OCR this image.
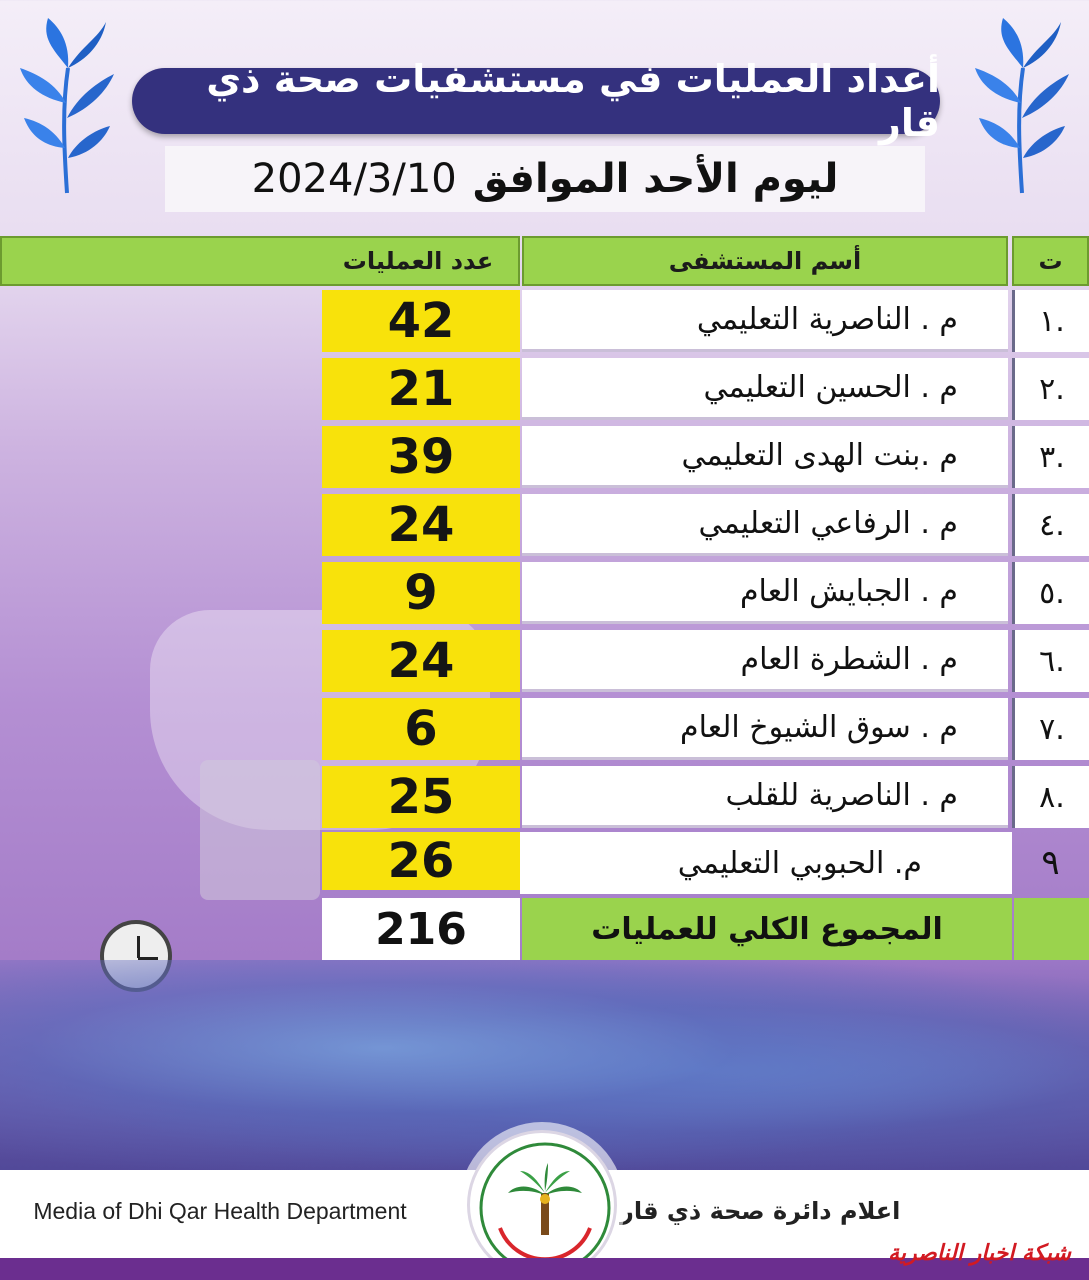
أعداد العمليات في مستشفيات صحة ذي قار
ليوم الأحد الموافق
2024/3/10
عدد العمليات	أسم المستشفى	ت
42	م . الناصرية التعليمي	١.
21	م . الحسين التعليمي	٢.
39	م .بنت الهدى التعليمي	٣.
24	م . الرفاعي التعليمي	٤.
9	م . الجبايش العام	٥.
24	م . الشطرة العام	٦.
6	م . سوق الشيوخ العام	٧.
25	م . الناصرية للقلب	٨.
26	م. الحبوبي التعليمي	٩
216	المجموع الكلي للعمليات
Media of Dhi Qar Health Department	اعلام دائرة صحة ذي قار
شبكة اخبار الناصرية
